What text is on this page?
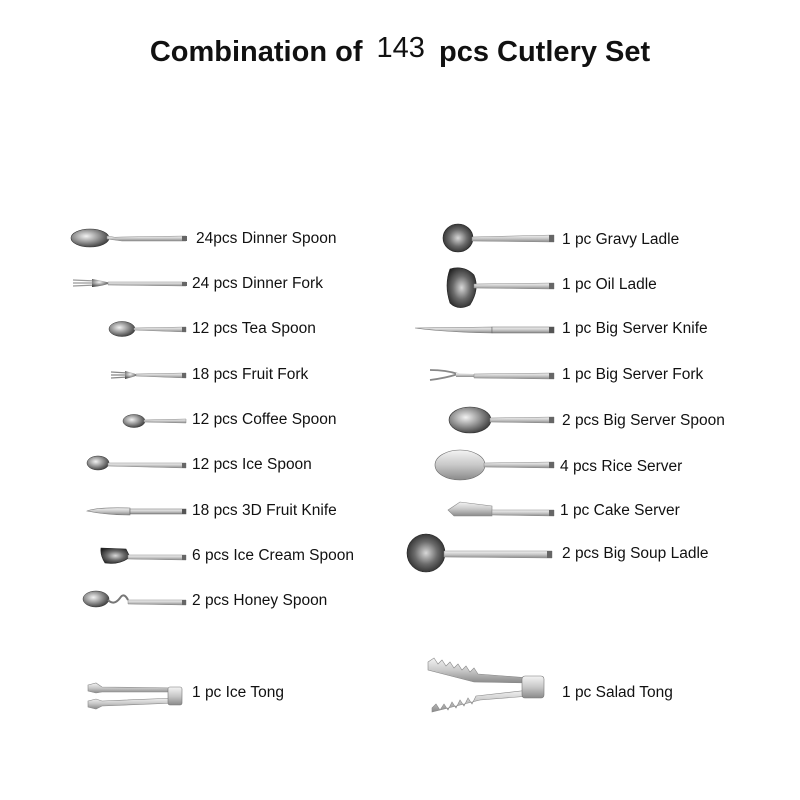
Combination of 143 pcs Cutlery Set
24pcs Dinner Spoon
24 pcs Dinner Fork
12 pcs Tea Spoon
18 pcs Fruit Fork
12 pcs Coffee Spoon
12 pcs Ice Spoon
18 pcs 3D Fruit Knife
6 pcs Ice Cream Spoon
2 pcs Honey Spoon
1 pc Ice Tong
1 pc Gravy Ladle
1 pc Oil Ladle
1 pc Big Server Knife
1 pc Big Server Fork
2 pcs Big Server Spoon
4 pcs Rice Server
1 pc Cake Server
2 pcs Big Soup Ladle
1 pc Salad Tong
